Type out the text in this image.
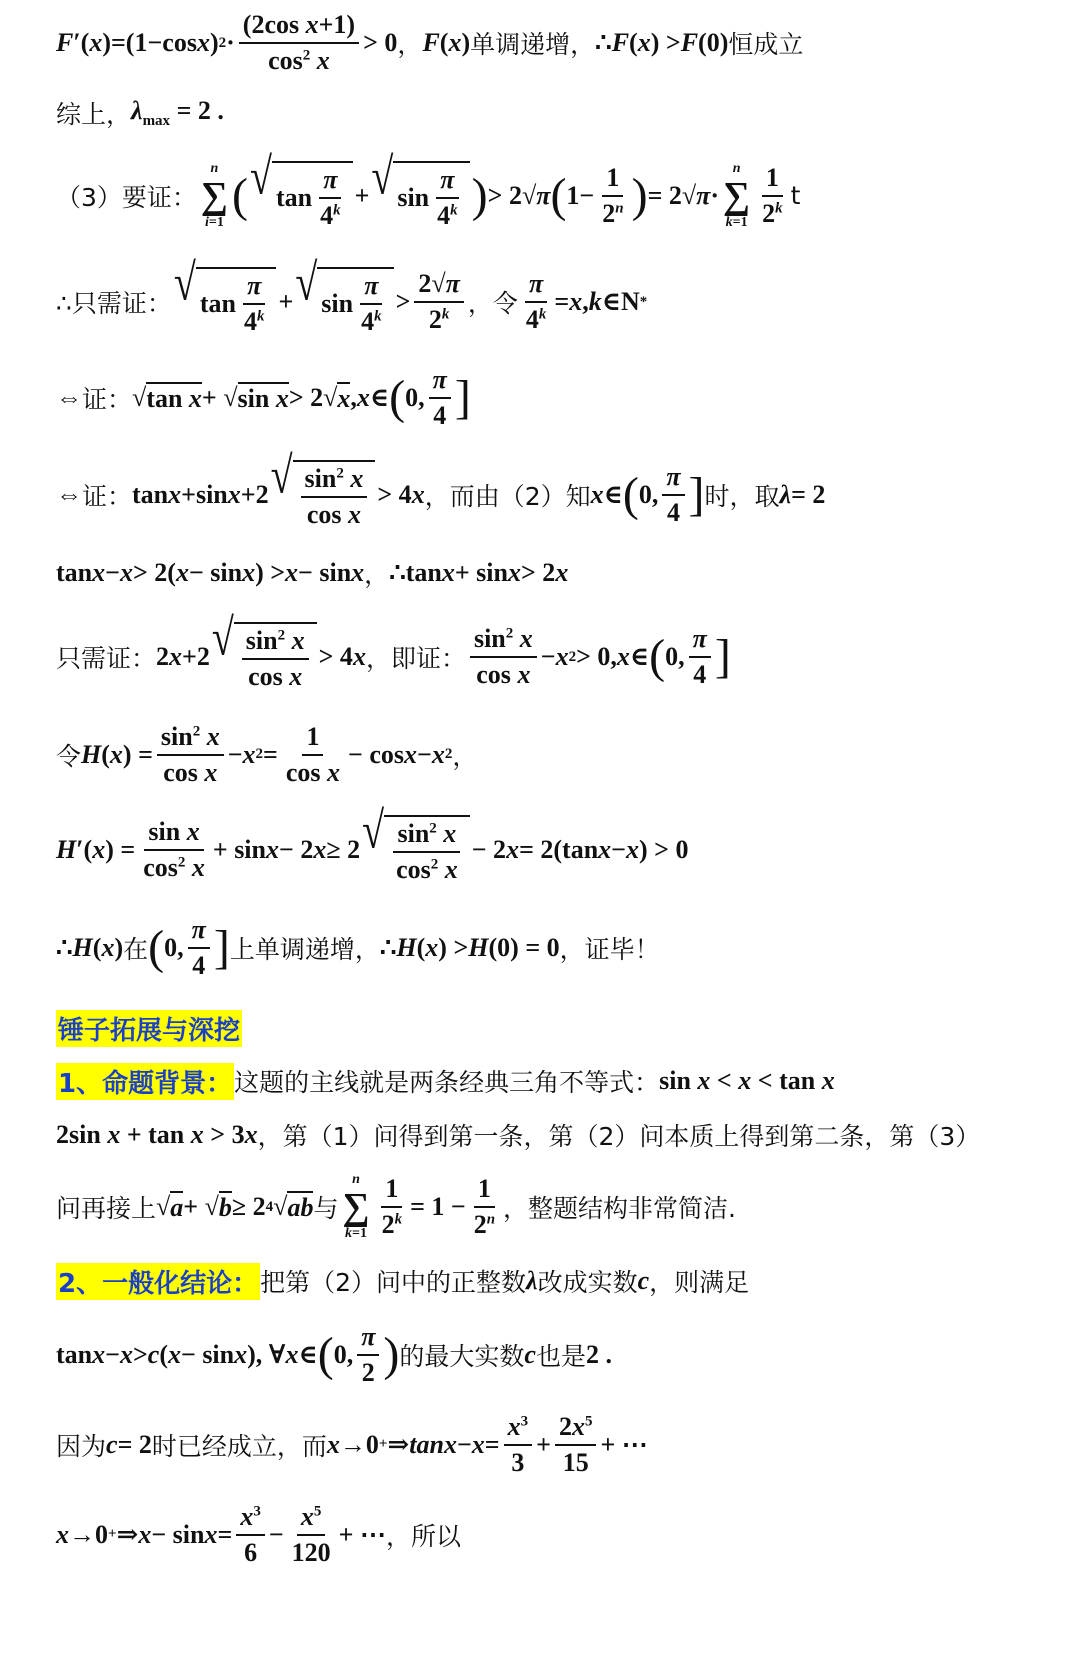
F ′( x )=(1−cos x ) $2 \cdot \frac{\text{(2cos x+1)}}{\cos^2 x} > 0$ ， F ( x ) 单调递增， ∴ F ( x ) > F (0) 恒成立
综上， $\lambda_{max} = 2$ .
（3）要证：
n
∑
i=1
( √ $\tan \frac{\pi}{4^k}$ + √ $\sin \frac{\pi}{4^k}$ ) > 2√ π ( $1- \frac{1}{2^n}$ ) = 2√ π ·
n
∑
$k=1 \frac{1}{2^k}$ t
∴只需证： √ $\tan \frac{\pi}{4^k}$ + √ $\sin \frac{\pi}{4^k} > \frac{2√\pi}{2^k}$ ，令 $\frac{\pi}{4^k} = x$ , k ∈N *
⇔ 证： √ tan x + √ sin x > 2√ x , x ∈ ( 0, $\frac{\pi}{4}$ ]
⇔ 证： tan x +sin x +2 √ $\frac{\sin^2 x}{\text{cos x}} > 4$ x ，而由（2）知 x ∈ ( 0, $\frac{\pi}{4}$ ] 时，取 λ = 2
tan x − x > 2( x − sin x ) > x − sin x ， ∴tan x + sin x > 2 x
只需证： 2 x +2 √ $\frac{\sin^2 x}{\text{cos x}} > 4$ x ，即证： $\frac{\sin^2 x}{\text{cos x}} - x$ 2 > 0, x ∈ ( 0, $\frac{\pi}{4}$ ]
令 H ( x ) = $\frac{\sin^2 x}{\text{cos x}} - x$ $2 = \frac{1}{\text{cos x}} - \cos x - x$ 2 ，
H ′( x ) = $\frac{\text{sin x}}{\cos^2 x} + \sin x - 2$ x ≥ 2 √ $\frac{\sin^2 x}{\cos^2 x} - 2$ x = 2(tan x − x ) > 0
∴ H ( x ) 在 ( 0, $\frac{\pi}{4}$ ] 上单调递增， ∴ H ( x ) > H (0) = 0 ，证毕！
锤子拓展与深挖
1、命题背景： 这题的主线就是两条经典三角不等式： sin x < x < tan x
2sin x + tan x > 3x ，第（1）问得到第一条，第（2）问本质上得到第二条，第（3）
问再接上 √ a + √ b ≥ 2 4 √ ab 与
n
∑
$k=1 \frac{1}{2^k} = 1 - \frac{1}{2^n}$ ，整题结构非常简洁.
2、一般化结论： 把第（2）问中的正整数 λ 改成实数 c ，则满足
tan x − x > c ( x − sin x ), ∀ x ∈ ( 0, $\frac{\pi}{2}$ ) 的最大实数 c 也是 2 .
因为 c = 2 时已经成立，而 x →0 + ⇒ $\tan x - x = \frac{x^3}{3} + \frac{2x^5}{15}$ + ⋯
x →0 + ⇒ $x - \sin x = \frac{x^3}{6} - \frac{x^5}{120}$ + ⋯ ，所以
